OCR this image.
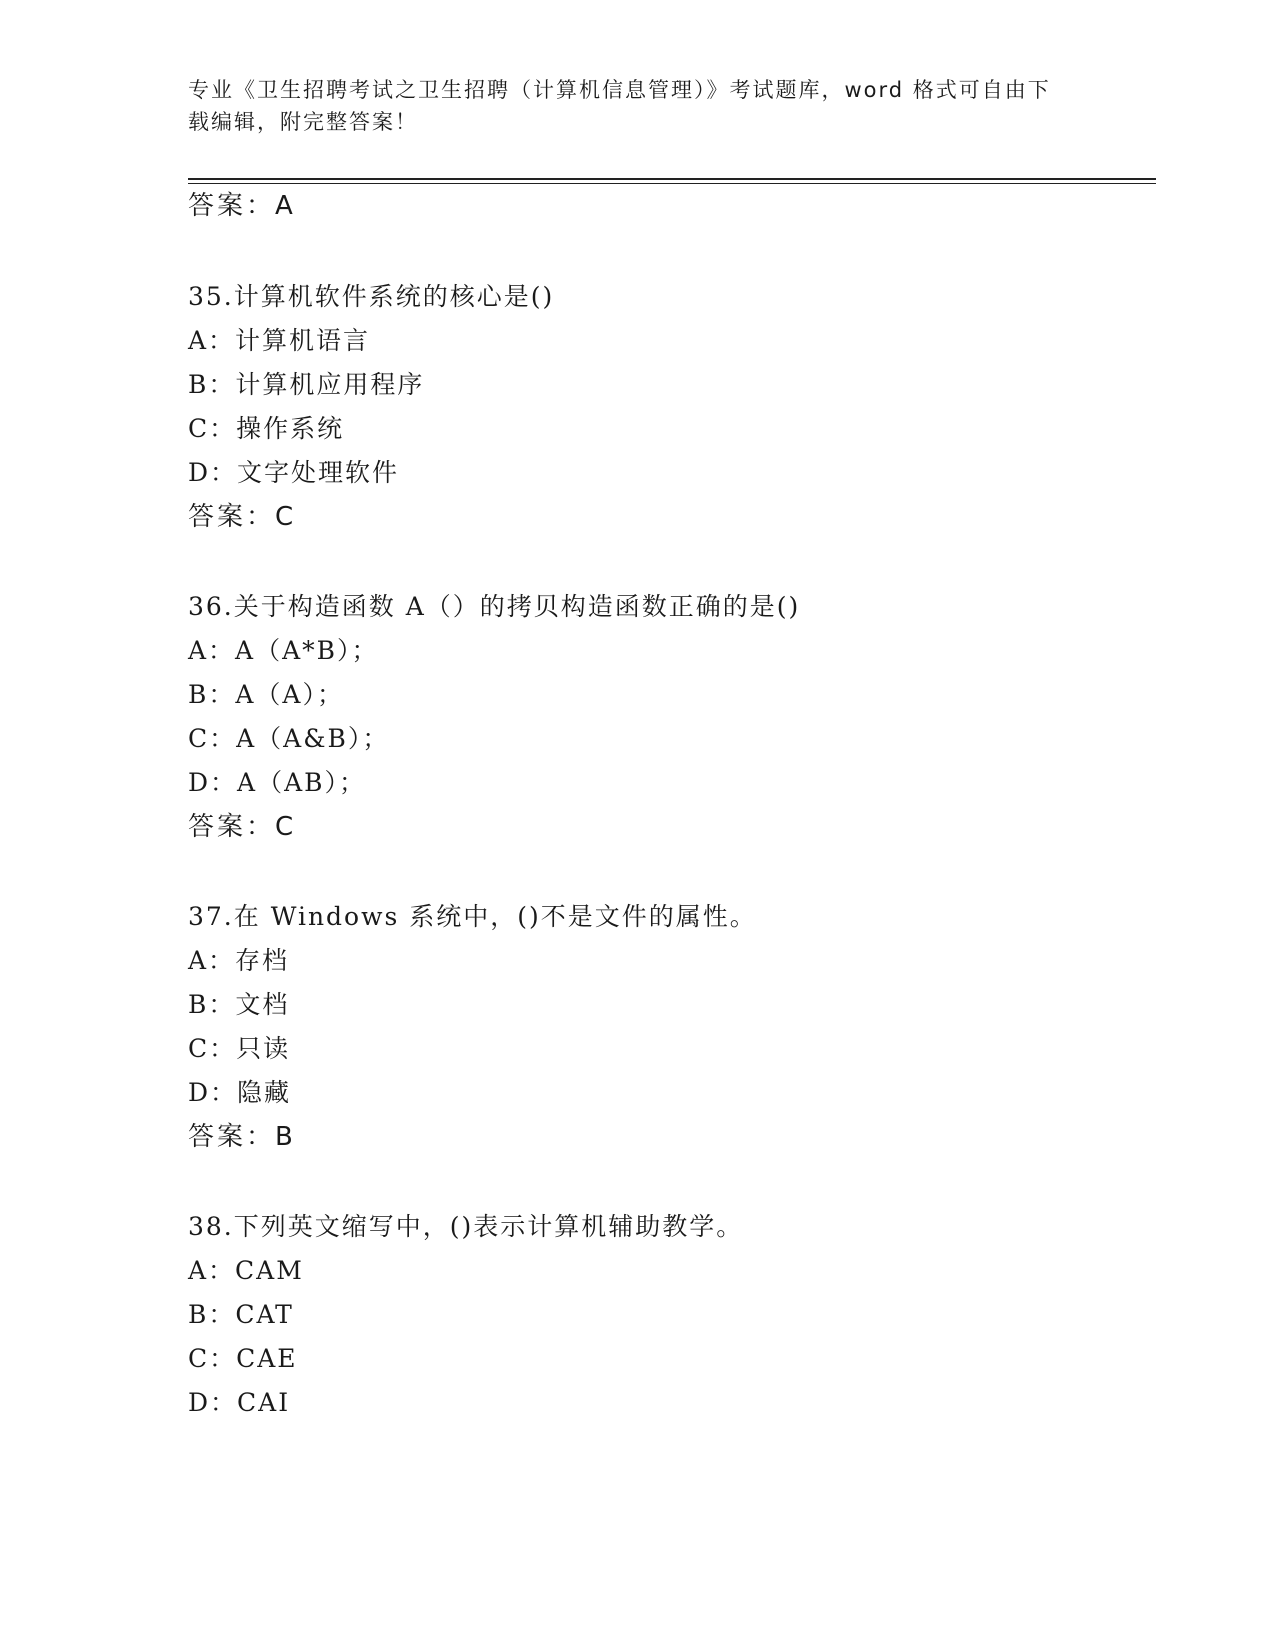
专业《卫生招聘考试之卫生招聘（计算机信息管理）》考试题库，word 格式可自由下载编辑，附完整答案！
答案：A
35.计算机软件系统的核心是()
A：计算机语言
B：计算机应用程序
C：操作系统
D：文字处理软件
答案：C
36.关于构造函数 A（）的拷贝构造函数正确的是()
A：A（A*B）；
B：A（A）；
C：A（A&B）；
D：A（AB）；
答案：C
37.在 Windows 系统中，()不是文件的属性。
A：存档
B：文档
C：只读
D：隐藏
答案：B
38.下列英文缩写中，()表示计算机辅助教学。
A：CAM
B：CAT
C：CAE
D：CAI
